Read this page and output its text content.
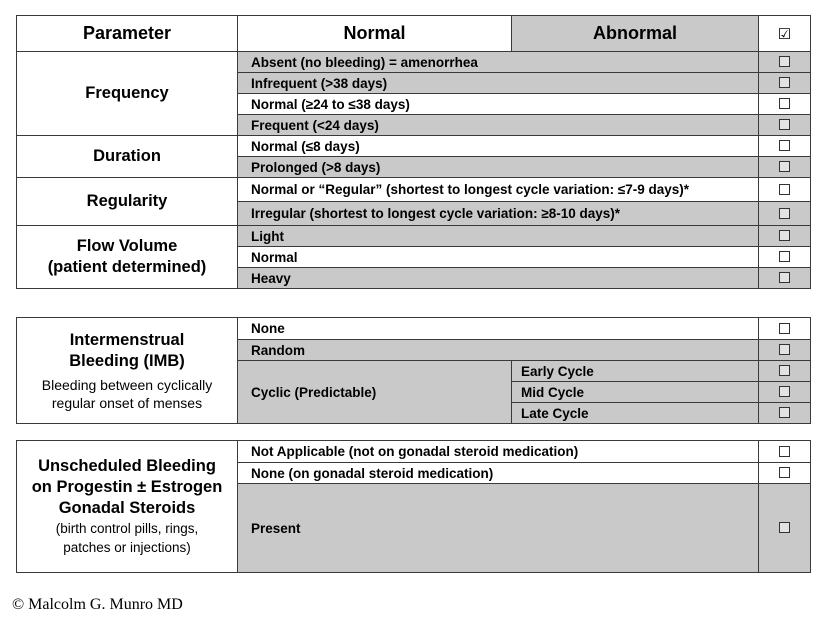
Parameter	Normal	Abnormal	☑
Frequency	Absent (no bleeding) = amenorrhea		
	Infrequent (>38 days)		
	Normal (≥24 to ≤38 days)		
	Frequent (<24 days)		
Duration	Normal (≤8 days)		
	Prolonged (>8 days)		
Regularity	Normal or “Regular” (shortest to longest cycle variation: ≤7-9 days)*		
	Irregular (shortest to longest cycle variation: ≥8-10 days)*		
Flow Volume
(patient determined)	Light		
	Normal		
	Heavy		
Intermenstrual
Bleeding (IMB)
Bleeding between cyclically
regular onset of menses	None		
	Random		
	Cyclic (Predictable)	Early Cycle	
		Mid Cycle	
		Late Cycle	
Unscheduled Bleeding
on Progestin ± Estrogen
Gonadal Steroids
(birth control pills, rings,
patches or injections)	Not Applicable (not on gonadal steroid medication)	
	None (on gonadal steroid medication)	
	Present	
© Malcolm G. Munro MD
